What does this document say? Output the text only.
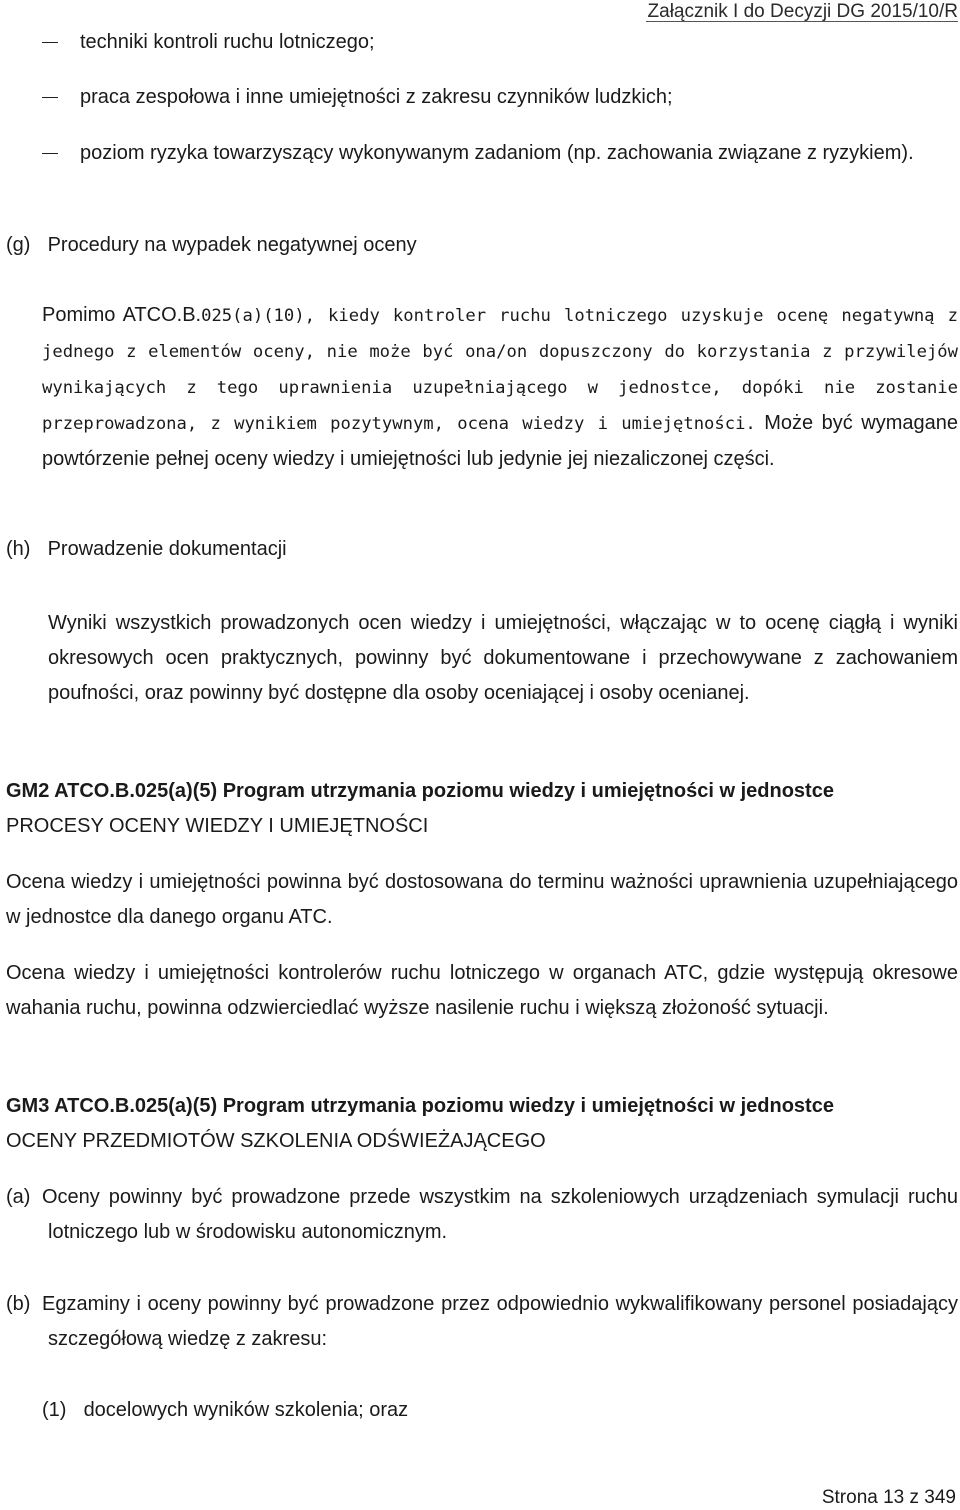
Załącznik I do Decyzji DG 2015/10/R

techniki kontroli ruchu lotniczego;

praca zespołowa i inne umiejętności z zakresu czynników ludzkich;

poziom ryzyka towarzyszący wykonywanym zadaniom (np. zachowania związane z ryzykiem).

(g) Procedury na wypadek negatywnej oceny

Pomimo ATCO.B.025(a)(10), kiedy kontroler ruchu lotniczego uzyskuje ocenę negatywną z jednego z elementów oceny, nie może być ona/on dopuszczony do korzystania z przywilejów wynikających z tego uprawnienia uzupełniającego w jednostce, dopóki nie zostanie przeprowadzona, z wynikiem pozytywnym, ocena wiedzy i umiejętności. Może być wymagane powtórzenie pełnej oceny wiedzy i umiejętności lub jedynie jej niezaliczonej części.

(h) Prowadzenie dokumentacji

Wyniki wszystkich prowadzonych ocen wiedzy i umiejętności, włączając w to ocenę ciągłą i wyniki okresowych ocen praktycznych, powinny być dokumentowane i przechowywane z zachowaniem poufności, oraz powinny być dostępne dla osoby oceniającej i osoby ocenianej.

GM2 ATCO.B.025(a)(5) Program utrzymania poziomu wiedzy i umiejętności w jednostce
PROCESY OCENY WIEDZY I UMIEJĘTNOŚCI

Ocena wiedzy i umiejętności powinna być dostosowana do terminu ważności uprawnienia uzupełniającego w jednostce dla danego organu ATC.

Ocena wiedzy i umiejętności kontrolerów ruchu lotniczego w organach ATC, gdzie występują okresowe wahania ruchu, powinna odzwierciedlać wyższe nasilenie ruchu i większą złożoność sytuacji.

GM3 ATCO.B.025(a)(5) Program utrzymania poziomu wiedzy i umiejętności w jednostce
OCENY PRZEDMIOTÓW SZKOLENIA ODŚWIEŻAJĄCEGO

(a) Oceny powinny być prowadzone przede wszystkim na szkoleniowych urządzeniach symulacji ruchu lotniczego lub w środowisku autonomicznym.

(b) Egzaminy i oceny powinny być prowadzone przez odpowiednio wykwalifikowany personel posiadający szczegółową wiedzę z zakresu:

(1) docelowych wyników szkolenia; oraz
Strona 13 z 349
